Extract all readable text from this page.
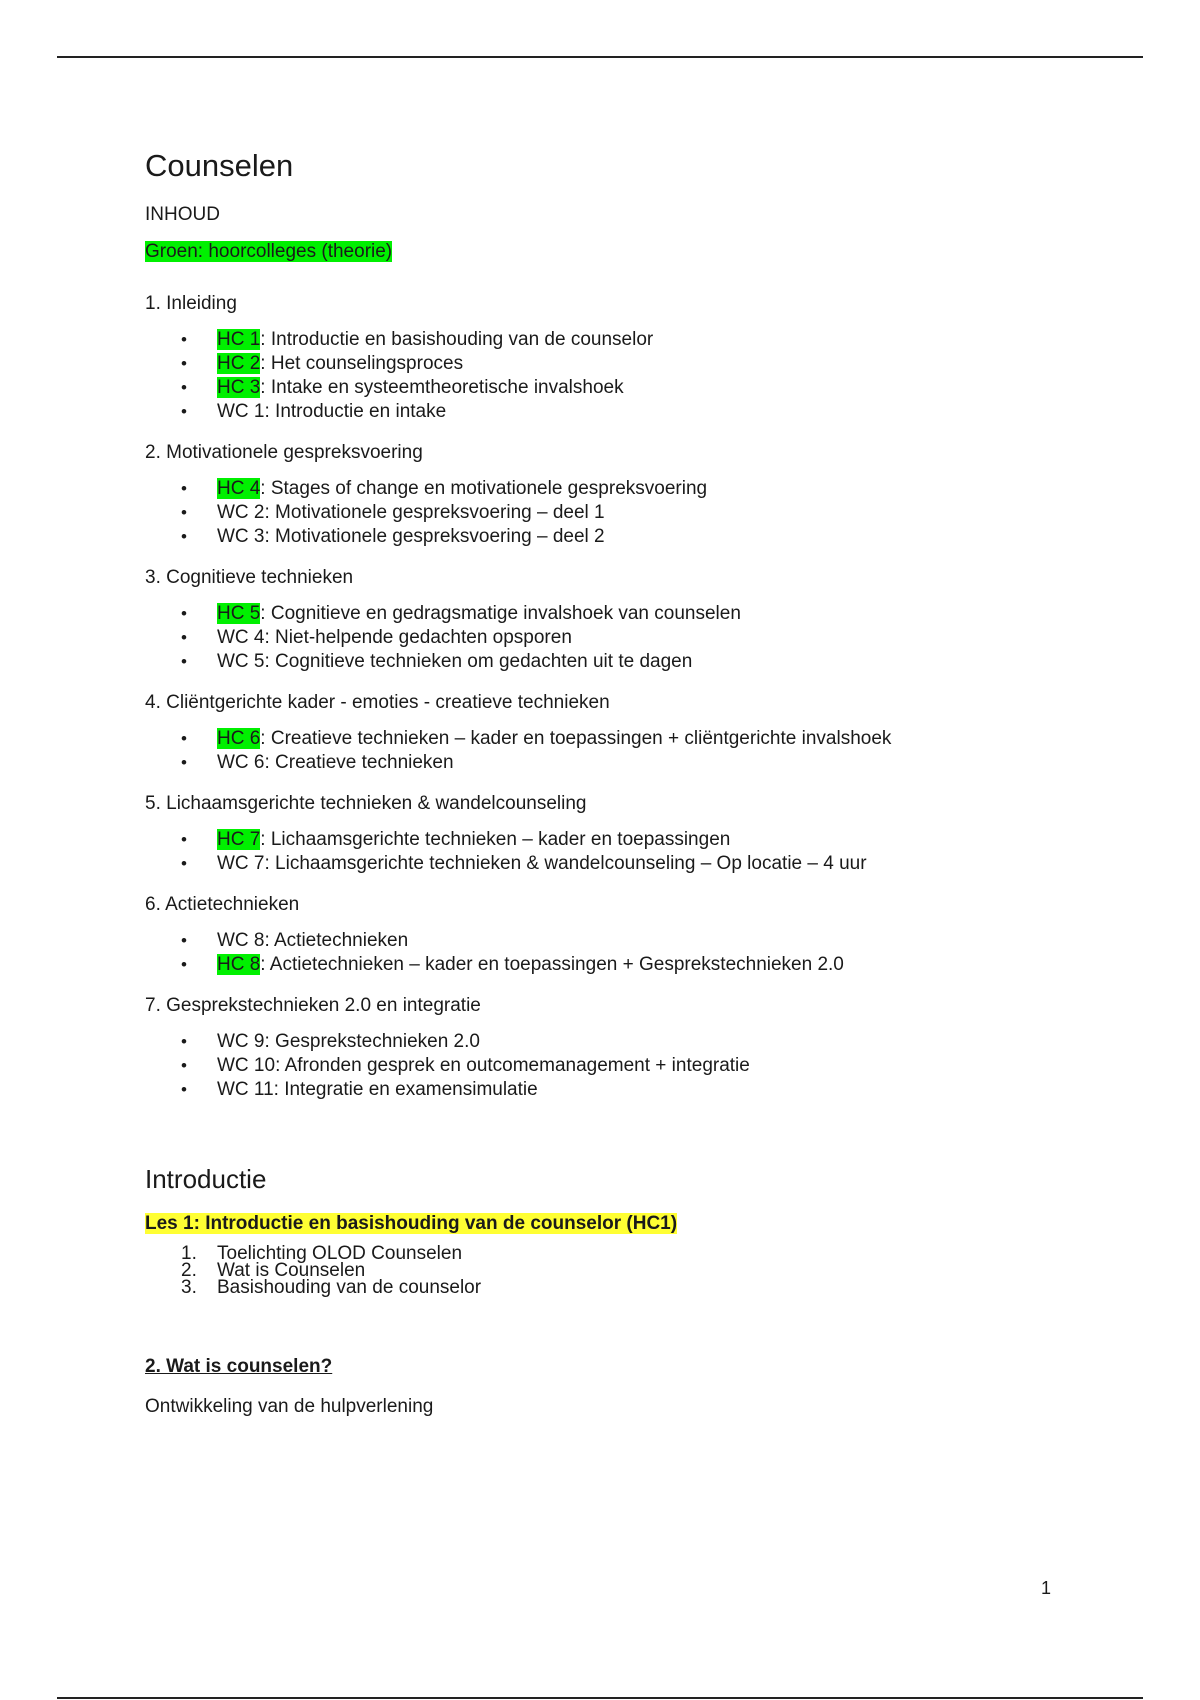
Counselen
INHOUD
Groen: hoorcolleges (theorie)
1. Inleiding
• HC 1: Introductie en basishouding van de counselor
• HC 2: Het counselingsproces
• HC 3: Intake en systeemtheoretische invalshoek
• WC 1: Introductie en intake
2. Motivationele gespreksvoering
• HC 4: Stages of change en motivationele gespreksvoering
• WC 2: Motivationele gespreksvoering – deel 1
• WC 3: Motivationele gespreksvoering – deel 2
3. Cognitieve technieken
• HC 5: Cognitieve en gedragsmatige invalshoek van counselen
• WC 4: Niet-helpende gedachten opsporen
• WC 5: Cognitieve technieken om gedachten uit te dagen
4. Cliëntgerichte kader - emoties - creatieve technieken
• HC 6: Creatieve technieken – kader en toepassingen + cliëntgerichte invalshoek
• WC 6: Creatieve technieken
5. Lichaamsgerichte technieken & wandelcounseling
• HC 7: Lichaamsgerichte technieken – kader en toepassingen
• WC 7: Lichaamsgerichte technieken & wandelcounseling – Op locatie – 4 uur
6. Actietechnieken
• WC 8: Actietechnieken
• HC 8: Actietechnieken – kader en toepassingen + Gesprekstechnieken 2.0
7. Gesprekstechnieken 2.0 en integratie
• WC 9: Gesprekstechnieken 2.0
• WC 10: Afronden gesprek en outcomemanagement + integratie
• WC 11: Integratie en examensimulatie
Introductie
Les 1: Introductie en basishouding van de counselor (HC1)
1. Toelichting OLOD Counselen
2. Wat is Counselen
3. Basishouding van de counselor
2. Wat is counselen?

Ontwikkeling van de hulpverlening

1
